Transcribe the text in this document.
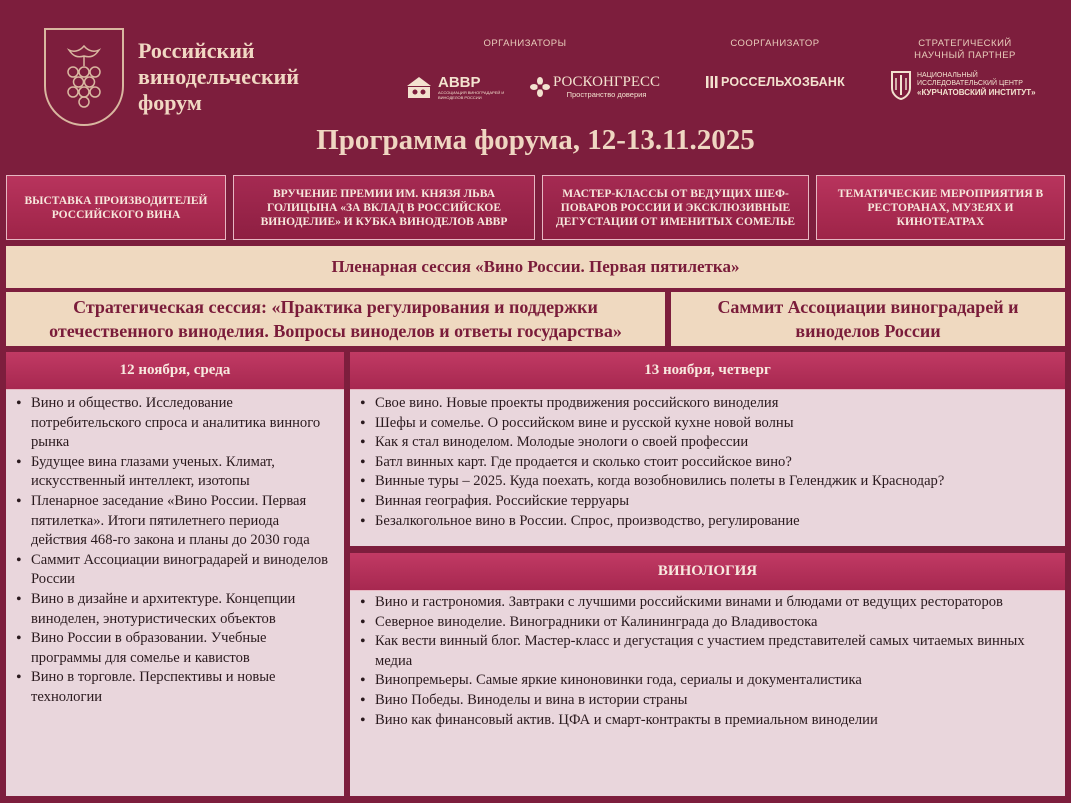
Российский винодельческий форум
ОРГАНИЗАТОРЫ	СООРГАНИЗАТОР	СТРАТЕГИЧЕСКИЙ НАУЧНЫЙ ПАРТНЕР
АВВР
АССОЦИАЦИЯ ВИНОГРАДАРЕЙ И ВИНОДЕЛОВ РОССИИ
РОСКОНГРЕСС
Пространство доверия
РОССЕЛЬХОЗБАНК	НАЦИОНАЛЬНЫЙ
ИССЛЕДОВАТЕЛЬСКИЙ ЦЕНТР
«КУРЧАТОВСКИЙ ИНСТИТУТ»
Программа форума, 12-13.11.2025
ВЫСТАВКА ПРОИЗВОДИТЕЛЕЙ РОССИЙСКОГО ВИНА
ВРУЧЕНИЕ ПРЕМИИ ИМ. КНЯЗЯ ЛЬВА ГОЛИЦЫНА «ЗА ВКЛАД В РОССИЙСКОЕ ВИНОДЕЛИЕ» И КУБКА ВИНОДЕЛОВ АВВР
МАСТЕР-КЛАССЫ ОТ ВЕДУЩИХ ШЕФ-ПОВАРОВ РОССИИ И ЭКСКЛЮЗИВНЫЕ ДЕГУСТАЦИИ ОТ ИМЕНИТЫХ СОМЕЛЬЕ
ТЕМАТИЧЕСКИЕ МЕРОПРИЯТИЯ В РЕСТОРАНАХ, МУЗЕЯХ И КИНОТЕАТРАХ
Пленарная сессия «Вино России. Первая пятилетка»
Стратегическая сессия: «Практика регулирования и поддержки отечественного виноделия. Вопросы виноделов и ответы государства»
Саммит Ассоциации виноградарей и виноделов России
12 ноября, среда
• Вино и общество. Исследование потребительского спроса и аналитика винного рынка
• Будущее вина глазами ученых. Климат, искусственный интеллект, изотопы
• Пленарное заседание «Вино России. Первая пятилетка». Итоги пятилетнего периода действия 468-го закона и планы до 2030 года
• Саммит Ассоциации виноградарей и виноделов России
• Вино в дизайне и архитектуре. Концепции виноделен, энотуристических объектов
• Вино России в образовании. Учебные программы для сомелье и кавистов
• Вино в торговле. Перспективы и новые технологии
13 ноября, четверг
• Свое вино. Новые проекты продвижения российского виноделия
• Шефы и сомелье. О российском вине и русской кухне новой волны
• Как я стал виноделом. Молодые энологи о своей профессии
• Батл винных карт. Где продается и сколько стоит российское вино?
• Винные туры – 2025. Куда поехать, когда возобновились полеты в Геленджик и Краснодар?
• Винная география. Российские терруары
• Безалкогольное вино в России. Спрос, производство, регулирование
ВИНОЛОГИЯ
• Вино и гастрономия. Завтраки с лучшими российскими винами и блюдами от ведущих рестораторов
• Северное виноделие. Виноградники от Калининграда до Владивостока
• Как вести винный блог. Мастер-класс и дегустация с участием представителей самых читаемых винных медиа
• Винопремьеры. Самые яркие кинoновинки года, сериалы и документалистика
• Вино Победы. Виноделы и вина в истории страны
• Вино как финансовый актив. ЦФА и смарт-контракты в премиальном виноделии
